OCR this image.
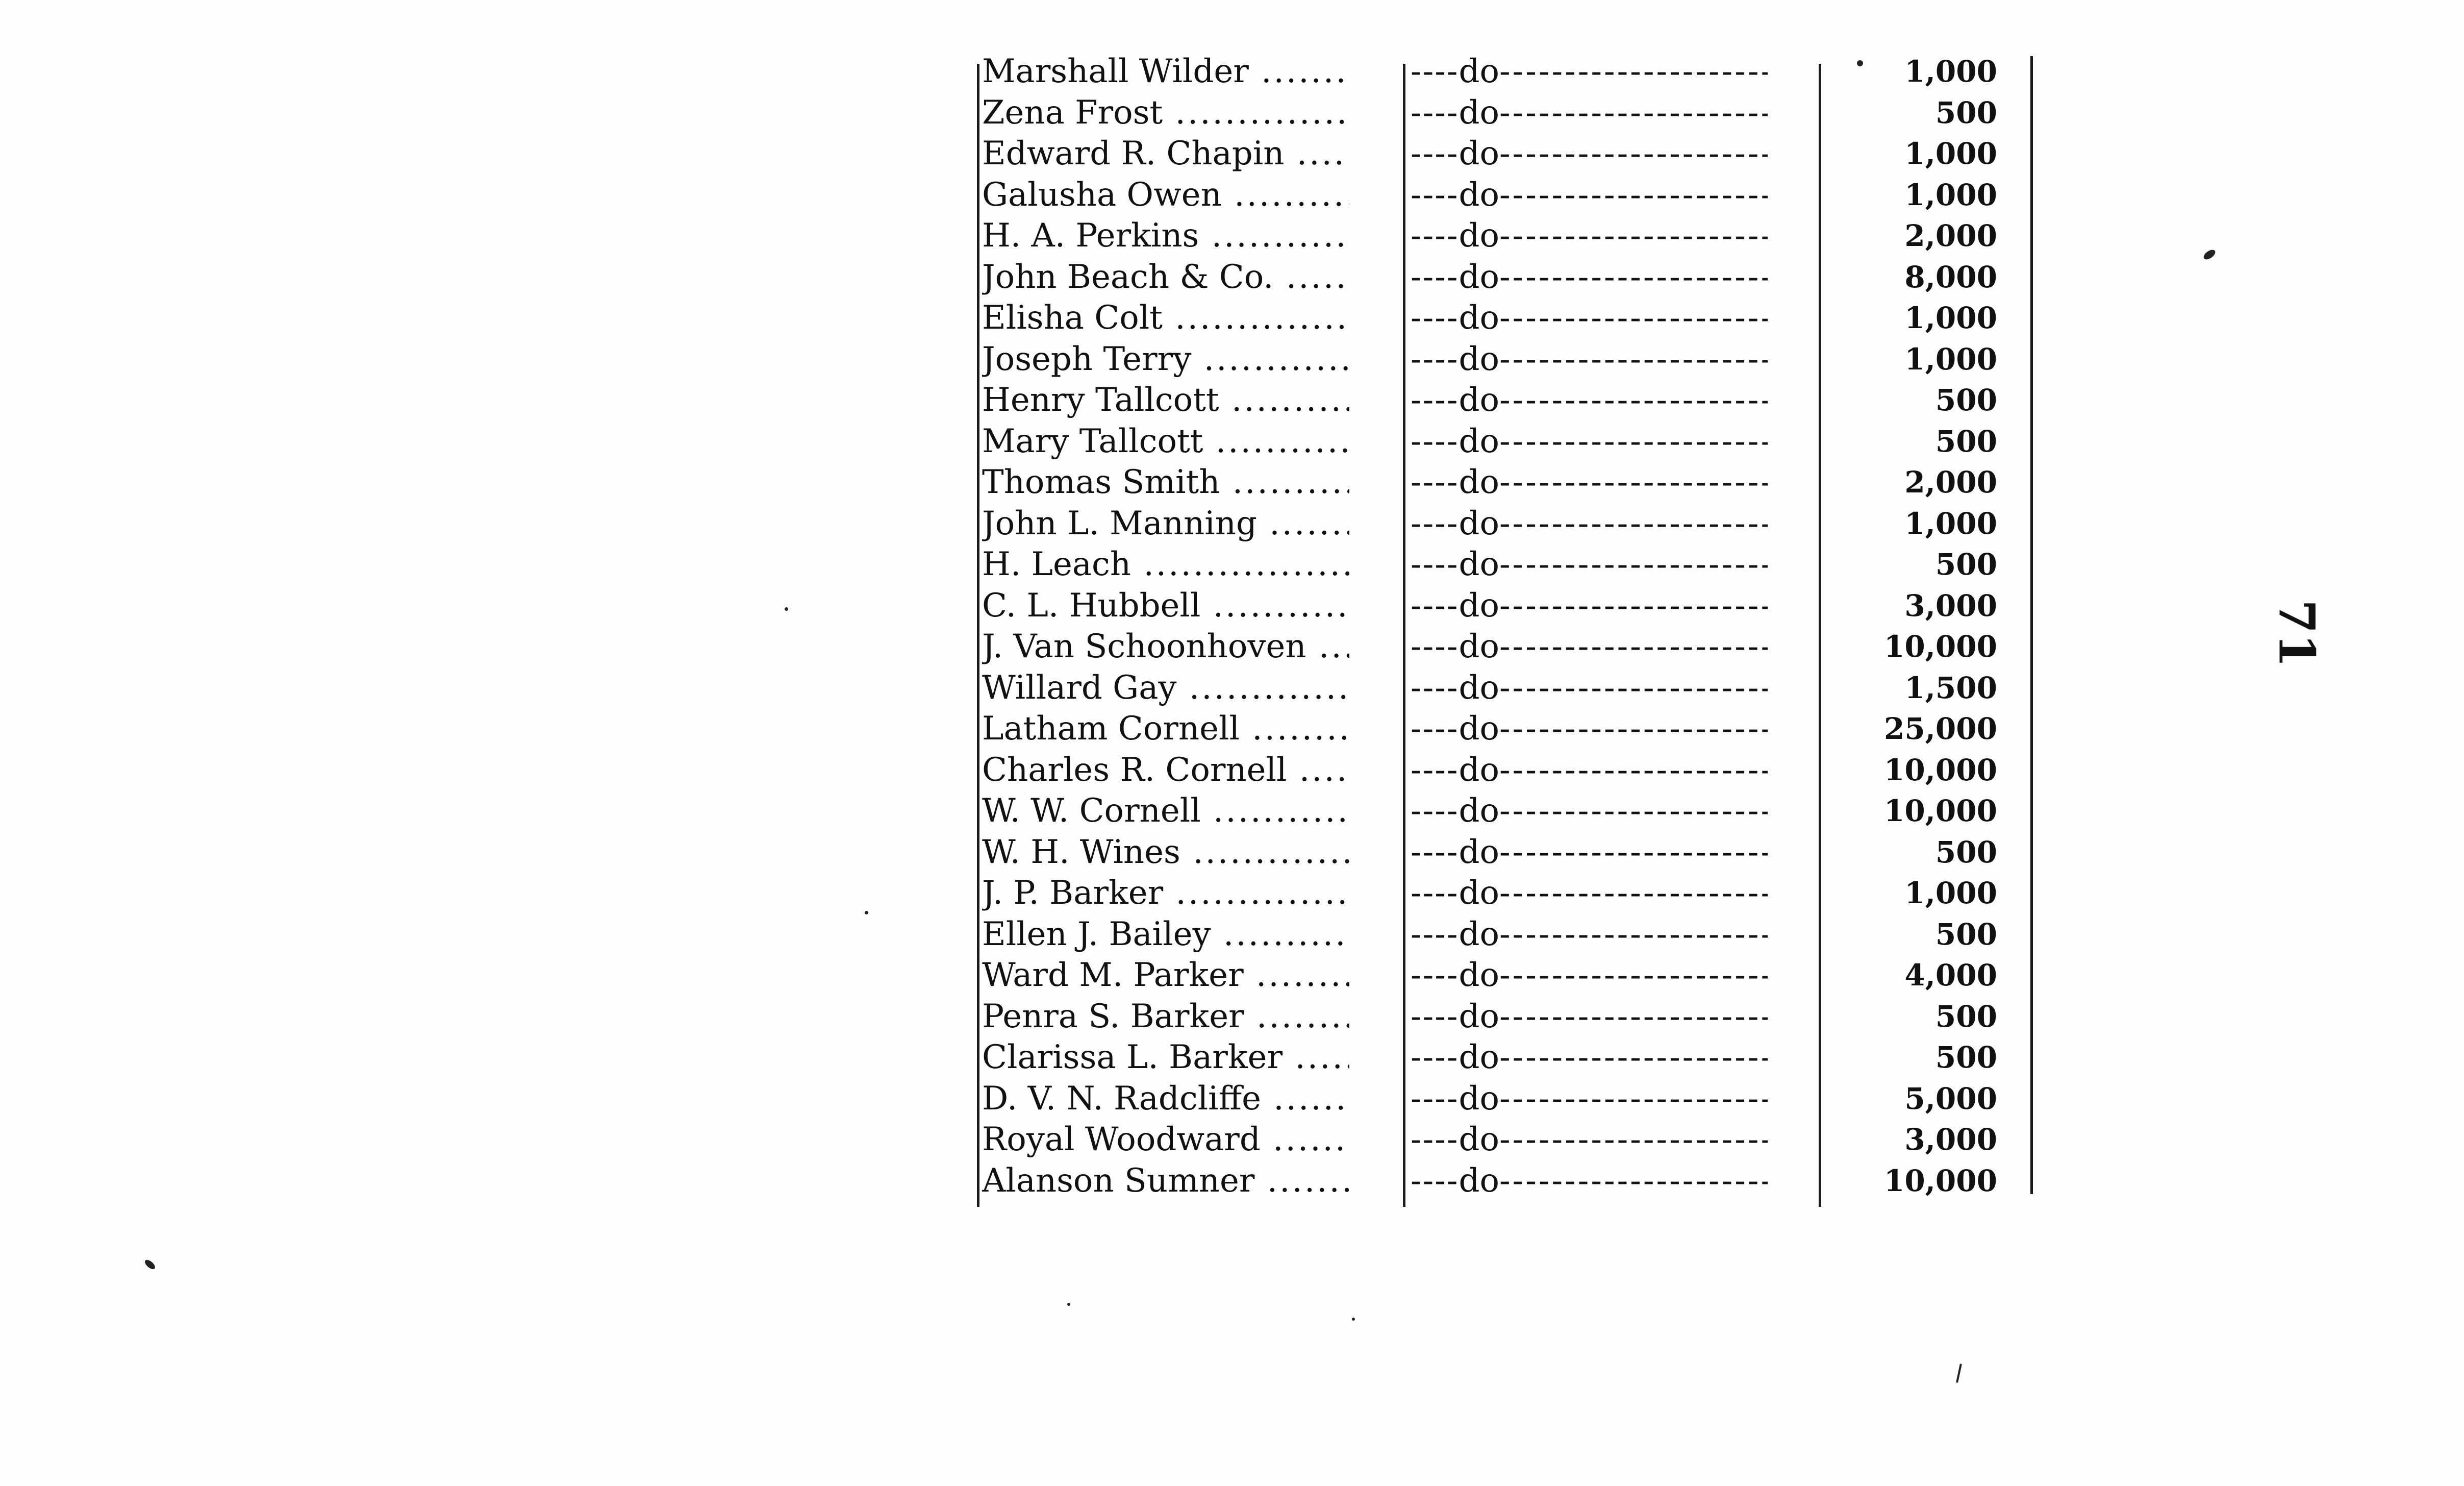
Marshall Wilder .....	---- do -----	1,000
Zena Frost .....	---- do -----	500
Edward R. Chapin .....	---- do -----	1,000
Galusha Owen .....	---- do -----	1,000
H. A. Perkins .....	---- do -----	2,000
John Beach & Co. .....	---- do -----	8,000
Elisha Colt .....	---- do -----	1,000
Joseph Terry .....	---- do -----	1,000
Henry Tallcott .....	---- do -----	500
Mary Tallcott .....	---- do -----	500
Thomas Smith .....	---- do -----	2,000
John L. Manning .....	---- do -----	1,000
H. Leach .....	---- do -----	500
C. L. Hubbell .....	---- do -----	3,000
J. Van Schoonhoven .....	---- do -----	10,000
Willard Gay .....	---- do -----	1,500
Latham Cornell .....	---- do -----	25,000
Charles R. Cornell .....	---- do -----	10,000
W. W. Cornell .....	---- do -----	10,000
W. H. Wines .....	---- do -----	500
J. P. Barker .....	---- do -----	1,000
Ellen J. Bailey .....	---- do -----	500
Ward M. Parker .....	---- do -----	4,000
Penra S. Barker .....	---- do -----	500
Clarissa L. Barker .....	---- do -----	500
D. V. N. Radcliffe .....	---- do -----	5,000
Royal Woodward .....	---- do -----	3,000
Alanson Sumner .....	---- do -----	10,000
71
